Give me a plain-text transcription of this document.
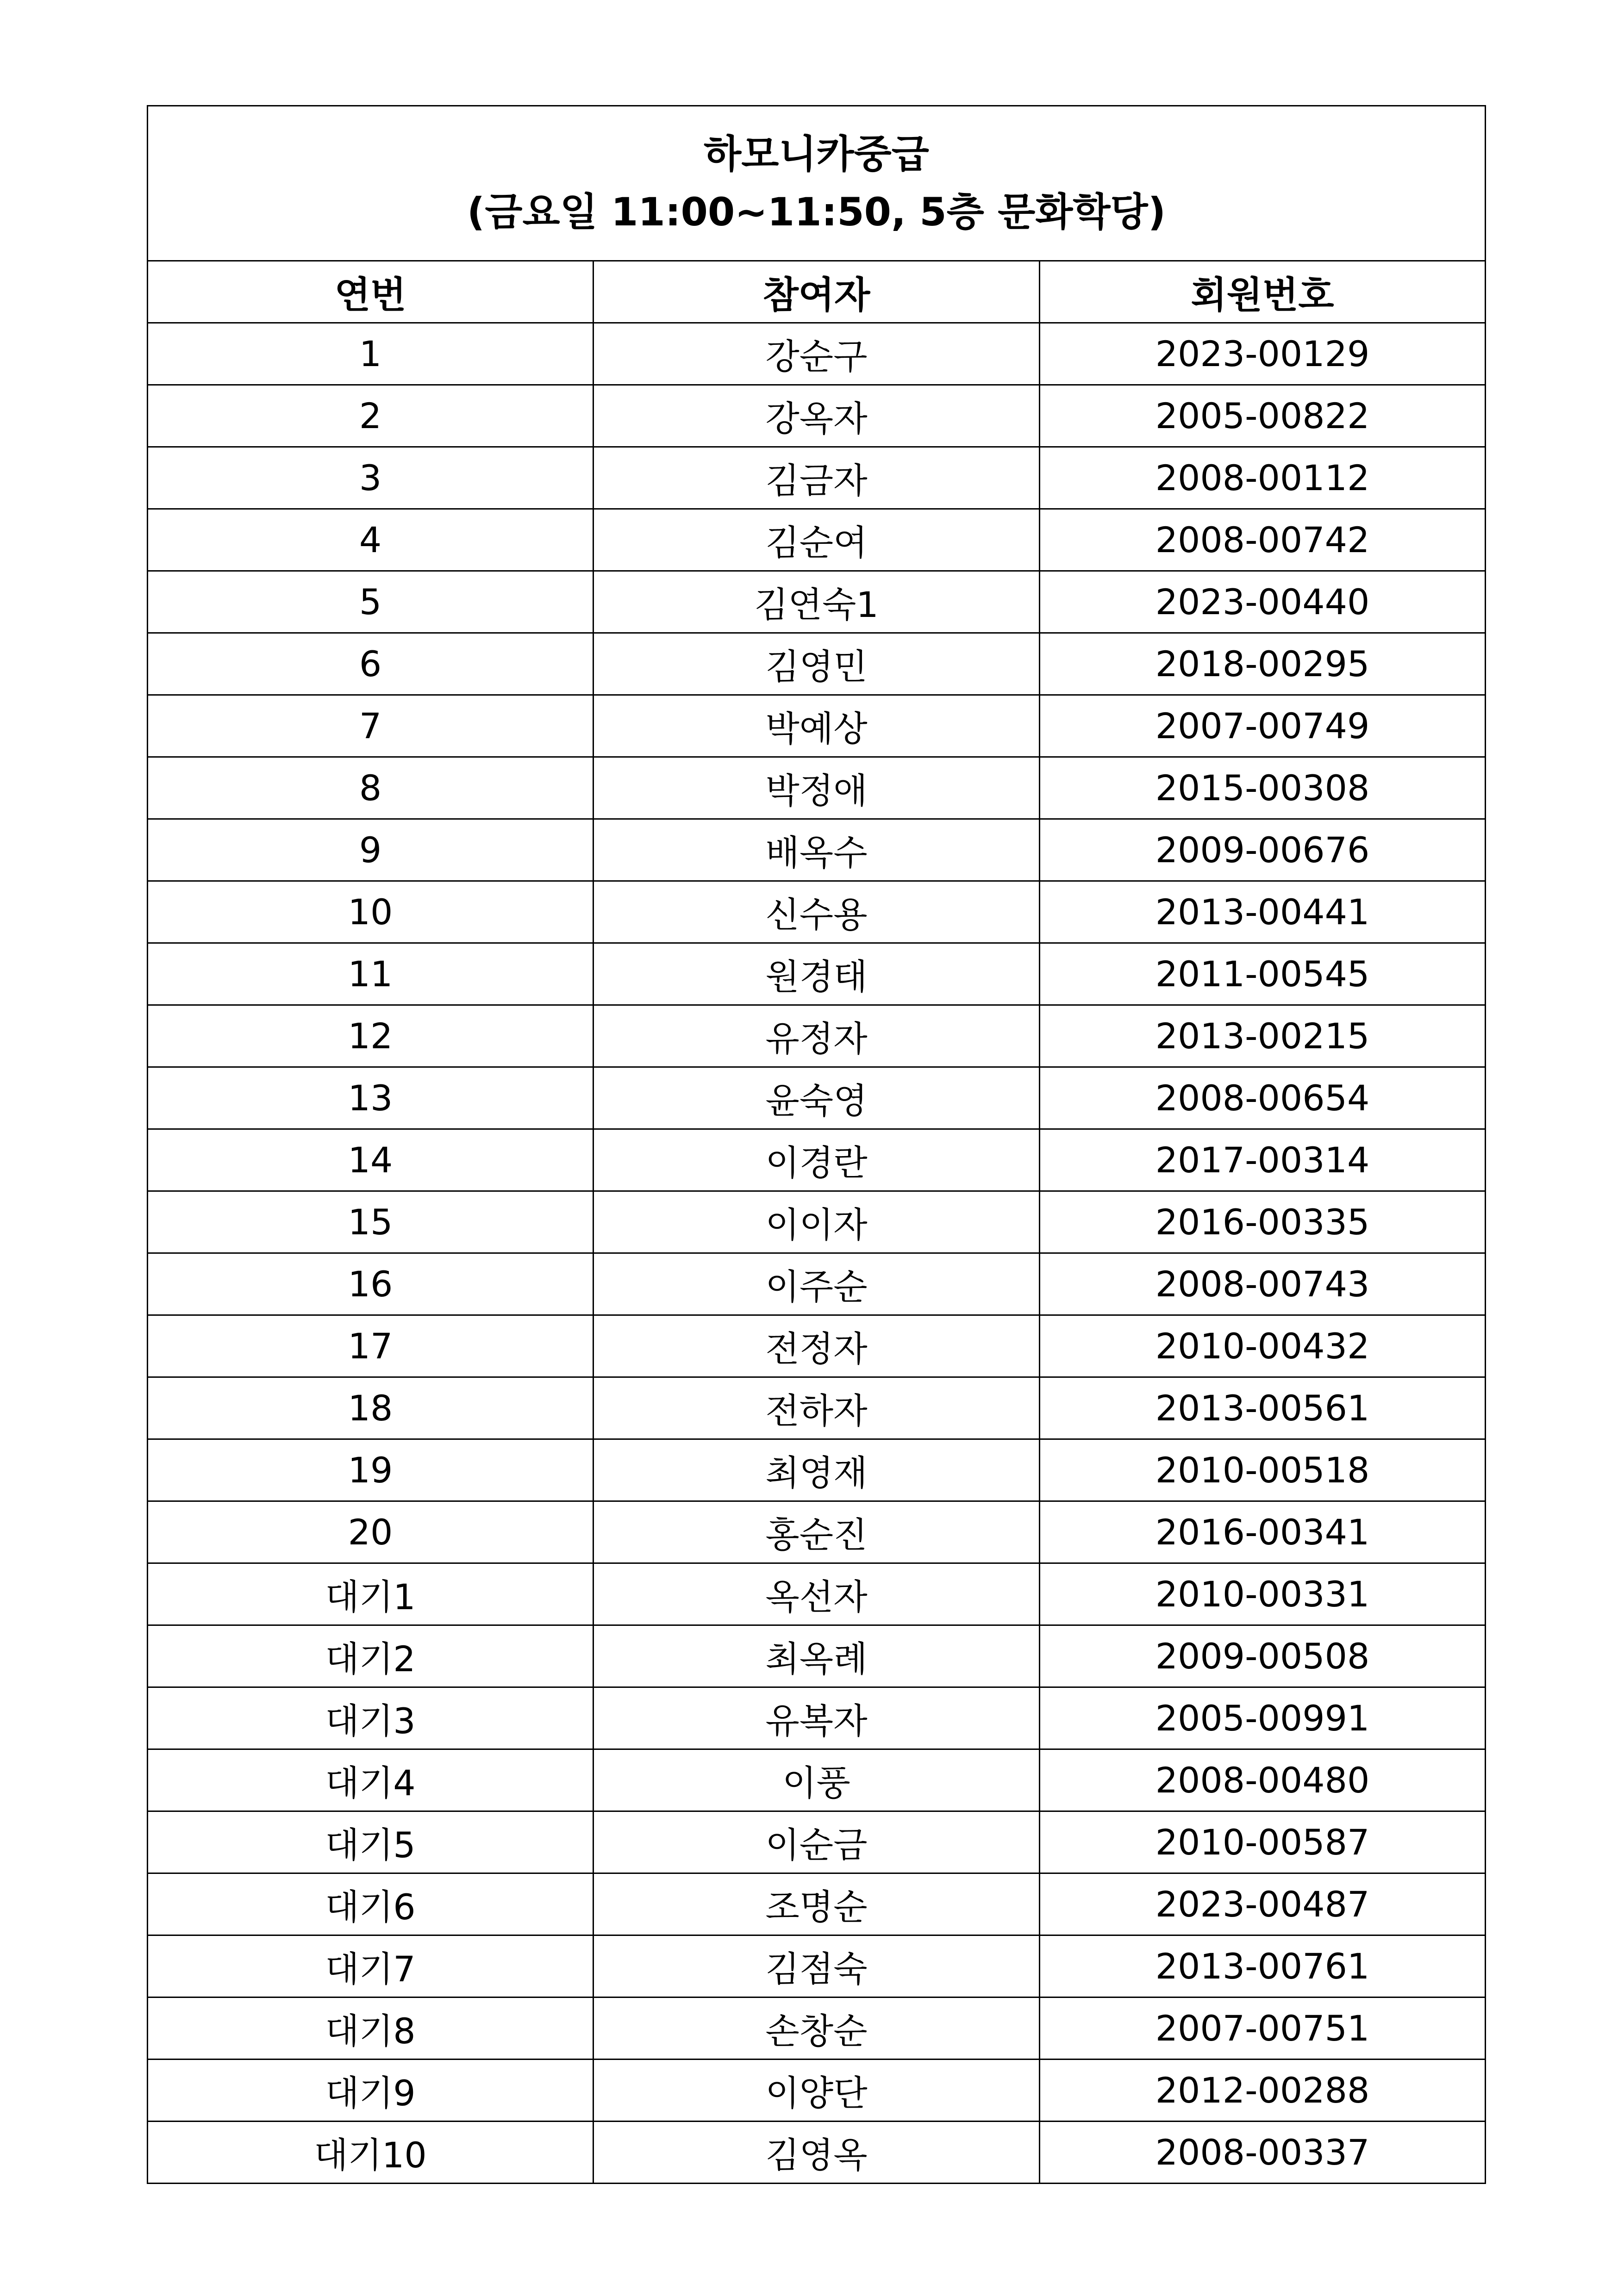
하모니카중급
(금요일 11:00~11:50, 5층 문화학당)		

연번	참여자	회원번호
1	강순구	2023-00129
2	강옥자	2005-00822
3	김금자	2008-00112
4	김순여	2008-00742
5	김연숙1	2023-00440
6	김영민	2018-00295
7	박예상	2007-00749
8	박정애	2015-00308
9	배옥수	2009-00676
10	신수용	2013-00441
11	원경태	2011-00545
12	유정자	2013-00215
13	윤숙영	2008-00654
14	이경란	2017-00314
15	이이자	2016-00335
16	이주순	2008-00743
17	전정자	2010-00432
18	전하자	2013-00561
19	최영재	2010-00518
20	홍순진	2016-00341
대기1	옥선자	2010-00331
대기2	최옥례	2009-00508
대기3	유복자	2005-00991
대기4	이풍	2008-00480
대기5	이순금	2010-00587
대기6	조명순	2023-00487
대기7	김점숙	2013-00761
대기8	손창순	2007-00751
대기9	이양단	2012-00288
대기10	김영옥	2008-00337
